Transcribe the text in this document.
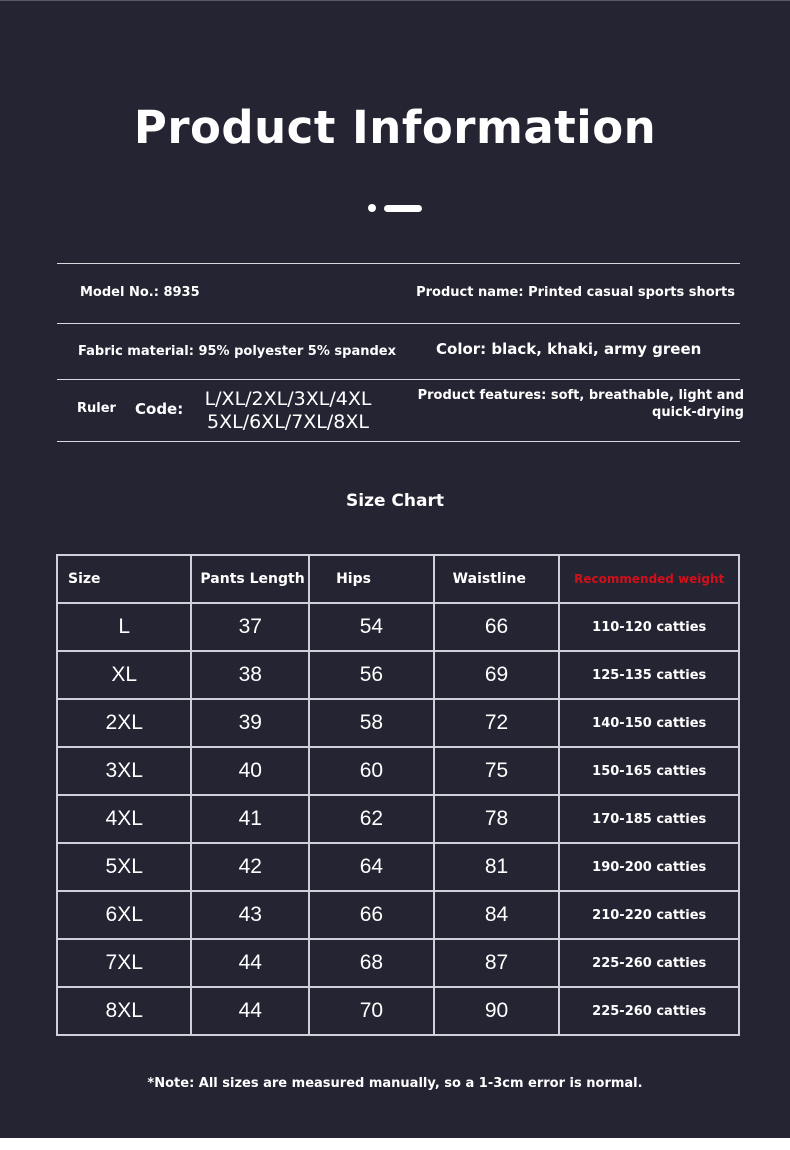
Product Information
Model No.: 8935	Product name: Printed casual sports shorts
Fabric material: 95% polyester 5% spandex	Color: black, khaki, army green
Ruler Code:	L/XL/2XL/3XL/4XL
5XL/6XL/7XL/8XL
Product features: soft, breathable, light and
quick-drying
Size Chart
Size	Pants Length	Hips	Waistline	Recommended weight
L	37	54	66	110-120 catties
XL	38	56	69	125-135 catties
2XL	39	58	72	140-150 catties
3XL	40	60	75	150-165 catties
4XL	41	62	78	170-185 catties
5XL	42	64	81	190-200 catties
6XL	43	66	84	210-220 catties
7XL	44	68	87	225-260 catties
8XL	44	70	90	225-260 catties
*Note: All sizes are measured manually, so a 1-3cm error is normal.
